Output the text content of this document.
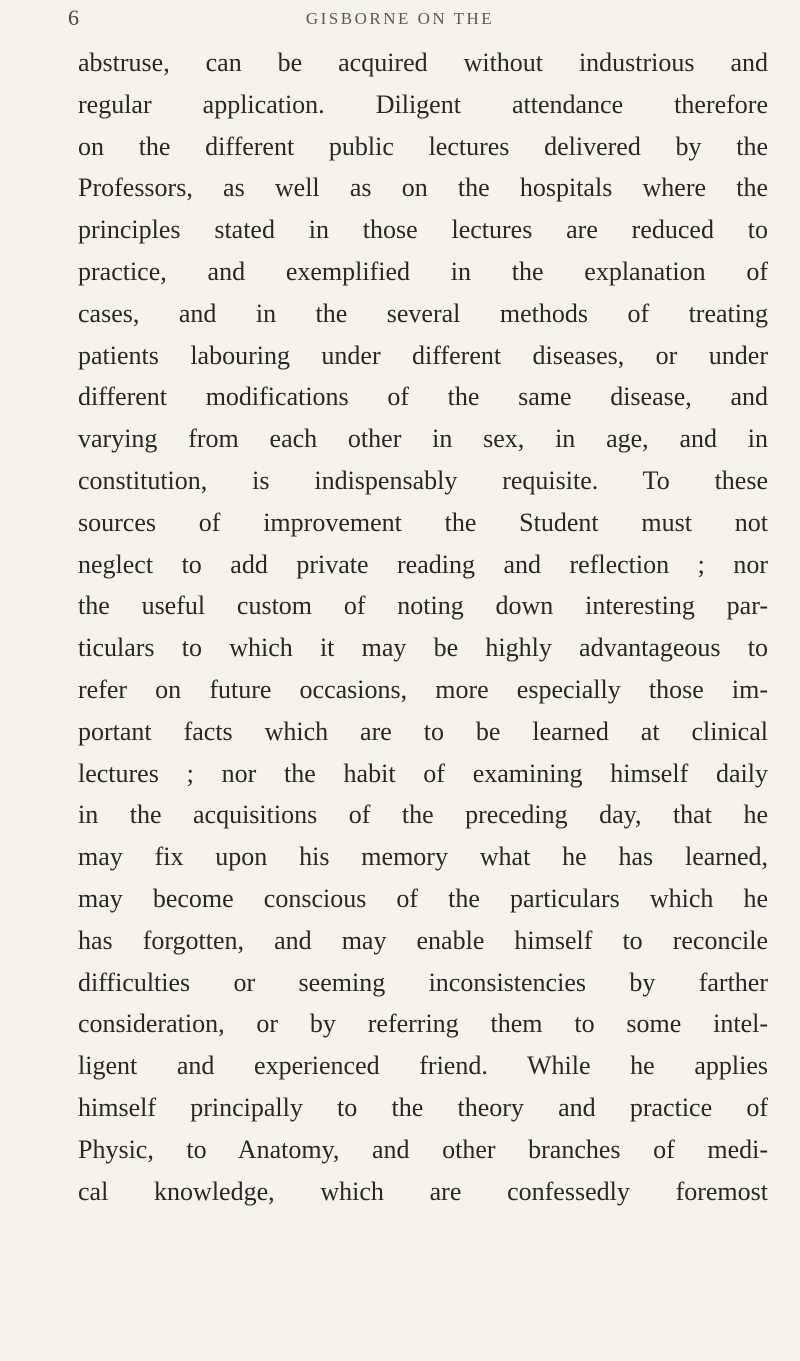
6	GISBORNE ON THE
abstruse, can be acquired without industrious and
regular application. Diligent attendance therefore
on the different public lectures delivered by the
Professors, as well as on the hospitals where the
principles stated in those lectures are reduced to
practice, and exemplified in the explanation of
cases, and in the several methods of treating
patients labouring under different diseases, or under
different modifications of the same disease, and
varying from each other in sex, in age, and in
constitution, is indispensably requisite. To these
sources of improvement the Student must not
neglect to add private reading and reflection ; nor
the useful custom of noting down interesting par-
ticulars to which it may be highly advantageous to
refer on future occasions, more especially those im-
portant facts which are to be learned at clinical
lectures ; nor the habit of examining himself daily
in the acquisitions of the preceding day, that he
may fix upon his memory what he has learned,
may become conscious of the particulars which he
has forgotten, and may enable himself to reconcile
difficulties or seeming inconsistencies by farther
consideration, or by referring them to some intel-
ligent and experienced friend. While he applies
himself principally to the theory and practice of
Physic, to Anatomy, and other branches of medi-
cal knowledge, which are confessedly foremost
